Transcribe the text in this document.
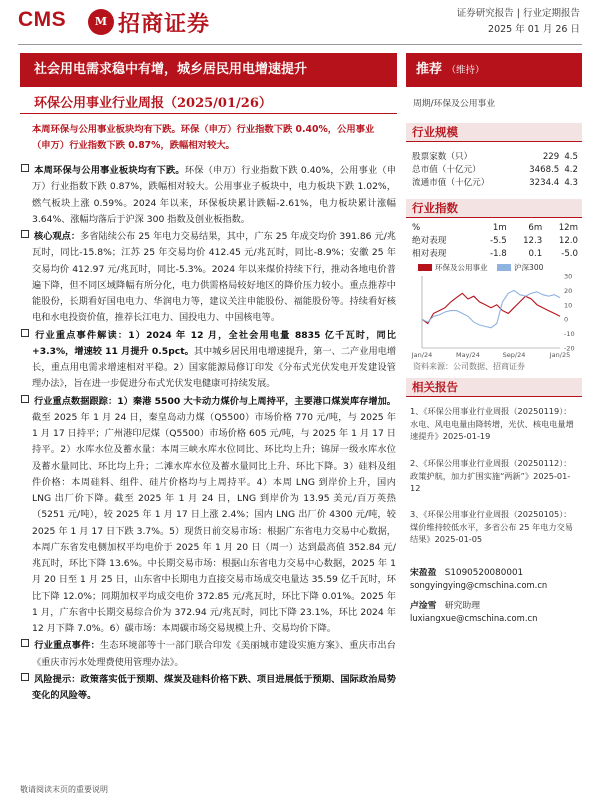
CMS	M 招商证券	证券研究报告 | 行业定期报告
2025 年 01 月 26 日
社会用电需求稳中有增，城乡居民用电增速提升	推荐 （维持）
环保公用事业行业周报（2025/01/26）
本周环保与公用事业板块均有下跌。环保（申万）行业指数下跌 0.40%，公用事业（申万）行业指数下跌 0.87%，跌幅相对较大。

本周环保与公用事业板块均有下跌。环保（申万）行业指数下跌 0.40%，公用事业（申万）行业指数下跌 0.87%，跌幅相对较大。公用事业子板块中，电力板块下跌 1.02%，燃气板块上涨 0.59%。2024 年以来，环保板块累计跌幅-2.61%，电力板块累计涨幅 3.64%、涨幅均落后于沪深 300 指数及创业板指数。

核心观点：多省陆续公布 25 年电力交易结果，其中，广东 25 年成交均价 391.86 元/兆瓦时，同比-15.8%；江苏 25 年交易均价 412.45 元/兆瓦时，同比-8.9%；安徽 25 年交易均价 412.97 元/兆瓦时，同比-5.3%。2024 年以来煤价持续下行，推动各地电价普遍下降，但不同区域降幅有所分化，电力供需格局较好地区的降价压力较小。重点推荐中能股份，长期看好国电电力、华润电力等，建议关注申能股份、福能股份等。持续看好核电和水电投资价值，推荐长江电力、国投电力、中国核电等。

行业重点事件解读：1）2024 年 12 月，全社会用电量 8835 亿千瓦时，同比+3.3%，增速较 11 月提升 0.5pct。其中城乡居民用电增速提升，第一、二产业用电增长，重点用电需求增速相对平稳。2）国家能源局修订印发《分布式光伏发电开发建设管理办法》，旨在进一步促进分布式光伏发电健康可持续发展。

行业重点数据跟踪：1）秦港 5500 大卡动力煤价与上周持平，主要港口煤炭库存增加。截至 2025 年 1 月 24 日，秦皇岛动力煤（Q5500）市场价格 770 元/吨，与 2025 年 1 月 17 日持平；广州港印尼煤（Q5500）市场价格 605 元/吨，与 2025 年 1 月 17 日持平。2）水库水位及蓄水量：本周三峡水库水位同比、环比均上升；锦屏一级水库水位及蓄水量同比、环比均上升；二滩水库水位及蓄水量同比上升、环比下降。3）硅料及组件价格：本周硅料、组件、硅片价格均与上周持平。4）本周 LNG 到岸价上升，国内 LNG 出厂价下降。截至 2025 年 1 月 24 日，LNG 到岸价为 13.95 美元/百万英热（5251 元/吨），较 2025 年 1 月 17 日上涨 2.4%；国内 LNG 出厂价 4300 元/吨，较 2025 年 1 月 17 日下跌 3.7%。5）现货日前交易市场：根据广东省电力交易中心数据，本周广东省发电侧加权平均电价于 2025 年 1 月 20 日（周一）达到最高值 352.84 元/兆瓦时，环比下降 13.6%。中长期交易市场：根据山东省电力交易中心数据，2025 年 1 月 20 日至 1 月 25 日，山东省中长期电力直接交易市场成交电量达 35.59 亿千瓦时，环比下降 12.0%；同期加权平均成交电价 372.85 元/兆瓦时，环比下降 0.01%。2025 年 1 月，广东省中长期交易综合价为 372.94 元/兆瓦时，同比下降 23.1%，环比 2024 年 12 月下降 7.0%。6）碳市场：本周碳市场交易规模上升、交易均价下降。

行业重点事件：生态环境部等十一部门联合印发《美丽城市建设实施方案》、重庆市出台《重庆市污水处理费使用管理办法》。

风险提示：政策落实低于预期、煤炭及硅料价格下跌、项目进展低于预期、国际政治局势变化的风险等。

周期/环保及公用事业
行业规模
股票家数（只）	229	4.5
总市值（十亿元）	3468.5	4.2
流通市值（十亿元）	3234.4	4.3
行业指数
%	1m	6m	12m
绝对表现	-5.5	12.3	12.0
相对表现	-1.8	0.1	-5.0
环保及公用事业	沪深300
-20
-10
0
10
20
30
Jan/24	May/24	Sep/24	Jan/25
资料来源：公司数据、招商证券
相关报告
1、《环保公用事业行业周报（20250119）：水电、风电电量由降转增，光伏、核电电量增速提升》2025-01-19
2、《环保公用事业行业周报（20250112）：政策护航，加力扩围实施“两新”》2025-01-12
3、《环保公用事业行业周报（20250105）：煤价维持较低水平，多省公布 25 年电力交易结果》2025-01-05
宋盈盈 S1090520080001
songyingying@cmschina.com.cn
卢淦雪 研究助理
luxiangxue@cmschina.com.cn
敬请阅读末页的重要说明
